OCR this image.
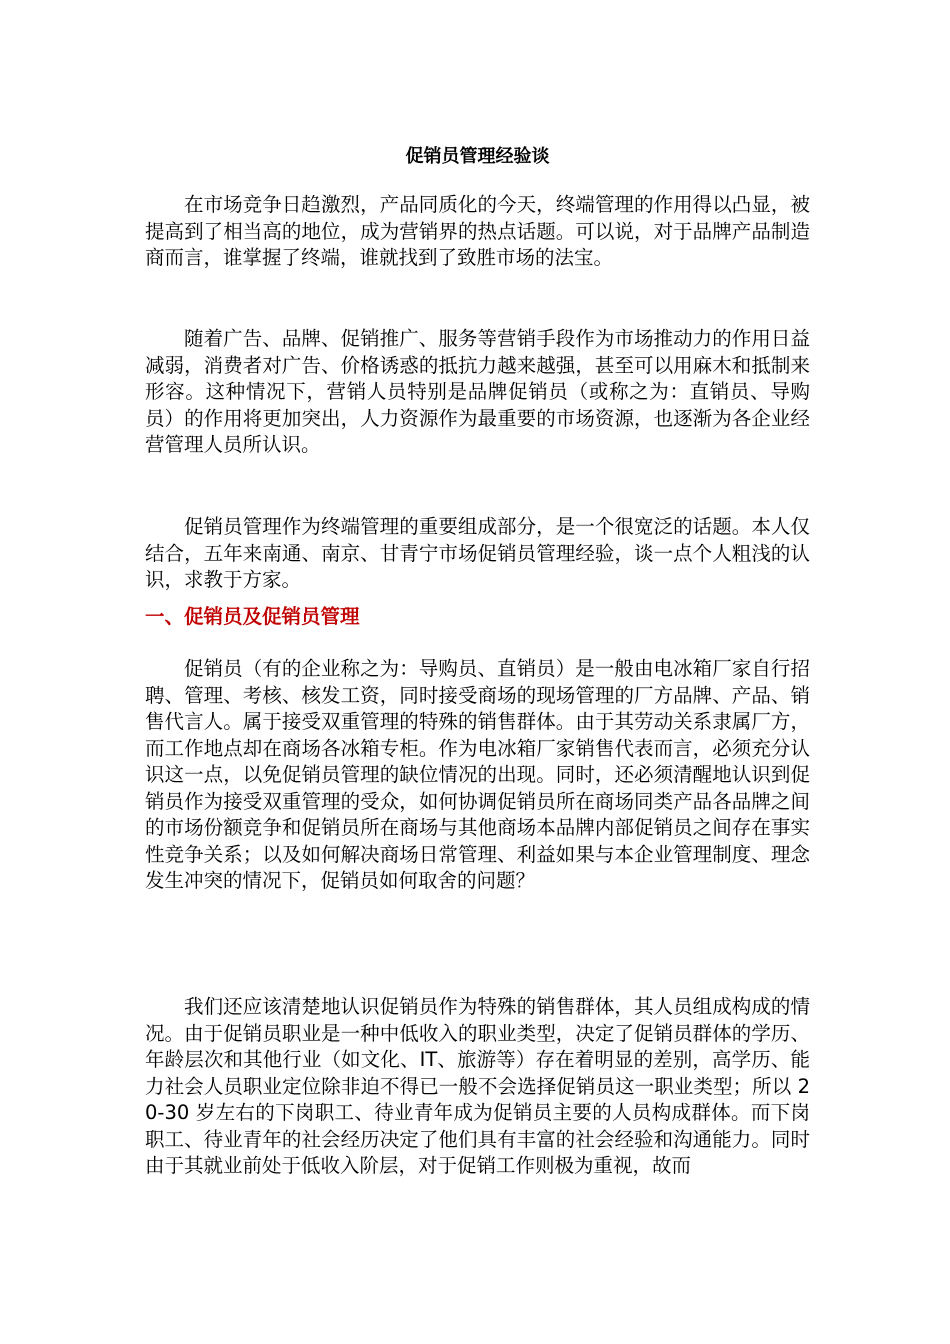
促销员管理经验谈

在市场竞争日趋激烈，产品同质化的今天，终端管理的作用得以凸显，被提高到了相当高的地位，成为营销界的热点话题。可以说，对于品牌产品制造商而言，谁掌握了终端，谁就找到了致胜市场的法宝。

随着广告、品牌、促销推广、服务等营销手段作为市场推动力的作用日益减弱，消费者对广告、价格诱惑的抵抗力越来越强，甚至可以用麻木和抵制来形容。这种情况下，营销人员特别是品牌促销员（或称之为：直销员、导购员）的作用将更加突出，人力资源作为最重要的市场资源，也逐渐为各企业经营管理人员所认识。

促销员管理作为终端管理的重要组成部分，是一个很宽泛的话题。本人仅结合，五年来南通、南京、甘青宁市场促销员管理经验，谈一点个人粗浅的认识，求教于方家。

一、促销员及促销员管理

促销员（有的企业称之为：导购员、直销员）是一般由电冰箱厂家自行招聘、管理、考核、核发工资，同时接受商场的现场管理的厂方品牌、产品、销售代言人。属于接受双重管理的特殊的销售群体。由于其劳动关系隶属厂方，而工作地点却在商场各冰箱专柜。作为电冰箱厂家销售代表而言，必须充分认识这一点，以免促销员管理的缺位情况的出现。同时，还必须清醒地认识到促销员作为接受双重管理的受众，如何协调促销员所在商场同类产品各品牌之间的市场份额竞争和促销员所在商场与其他商场本品牌内部促销员之间存在事实性竞争关系；以及如何解决商场日常管理、利益如果与本企业管理制度、理念发生冲突的情况下，促销员如何取舍的问题？

我们还应该清楚地认识促销员作为特殊的销售群体，其人员组成构成的情况。由于促销员职业是一种中低收入的职业类型，决定了促销员群体的学历、年龄层次和其他行业（如文化、IT、旅游等）存在着明显的差别，高学历、能力社会人员职业定位除非迫不得已一般不会选择促销员这一职业类型；所以 20-30 岁左右的下岗职工、待业青年成为促销员主要的人员构成群体。而下岗职工、待业青年的社会经历决定了他们具有丰富的社会经验和沟通能力。同时由于其就业前处于低收入阶层，对于促销工作则极为重视，故而
